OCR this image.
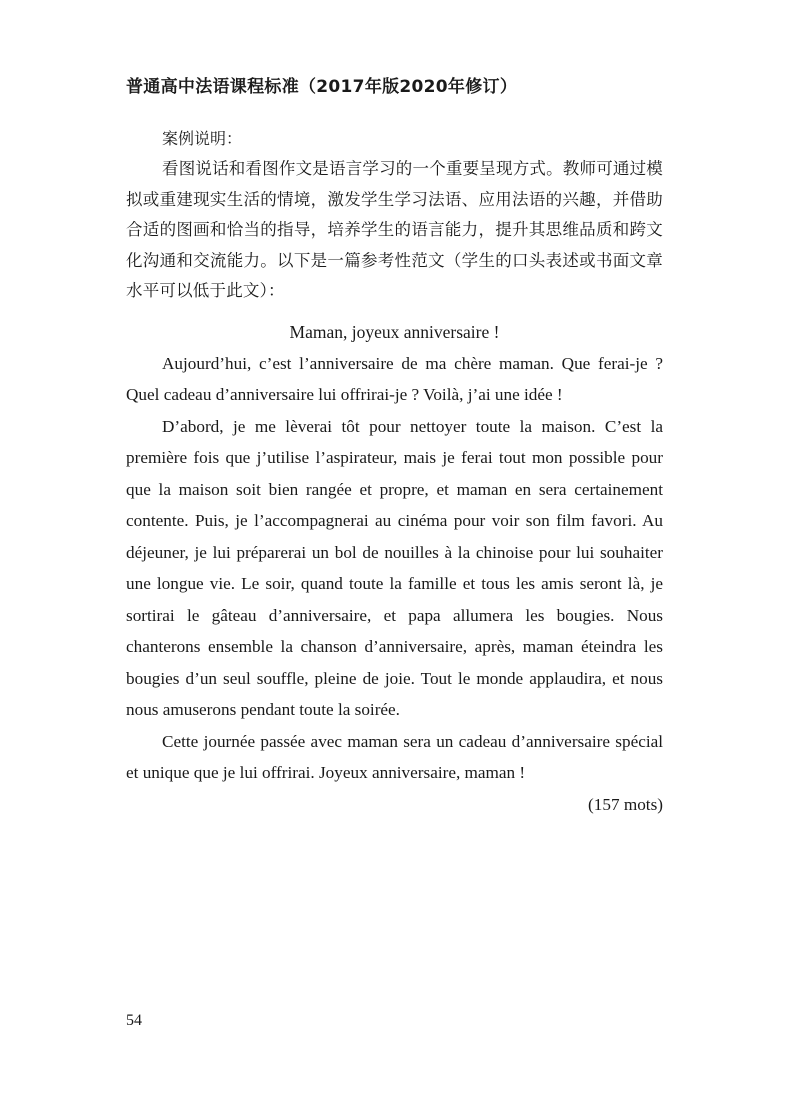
普通高中法语课程标准（2017年版2020年修订）

案例说明：

看图说话和看图作文是语言学习的一个重要呈现方式。教师可通过模拟或重建现实生活的情境，激发学生学习法语、应用法语的兴趣，并借助合适的图画和恰当的指导，培养学生的语言能力，提升其思维品质和跨文化沟通和交流能力。以下是一篇参考性范文（学生的口头表述或书面文章水平可以低于此文）：

Maman, joyeux anniversaire !

Aujourd’hui, c’est l’anniversaire de ma chère maman. Que ferai-je ? Quel cadeau d’anniversaire lui offrirai-je ? Voilà, j’ai une idée !

D’abord, je me lèverai tôt pour nettoyer toute la maison. C’est la première fois que j’utilise l’aspirateur, mais je ferai tout mon possible pour que la maison soit bien rangée et propre, et maman en sera certainement contente. Puis, je l’accompagnerai au cinéma pour voir son film favori. Au déjeuner, je lui préparerai un bol de nouilles à la chinoise pour lui souhaiter une longue vie. Le soir, quand toute la famille et tous les amis seront là, je sortirai le gâteau d’anniversaire, et papa allumera les bougies. Nous chanterons ensemble la chanson d’anniversaire, après, maman éteindra les bougies d’un seul souffle, pleine de joie. Tout le monde applaudira, et nous nous amuserons pendant toute la soirée.

Cette journée passée avec maman sera un cadeau d’anniversaire spécial et unique que je lui offrirai. Joyeux anniversaire, maman !

(157 mots)

54
